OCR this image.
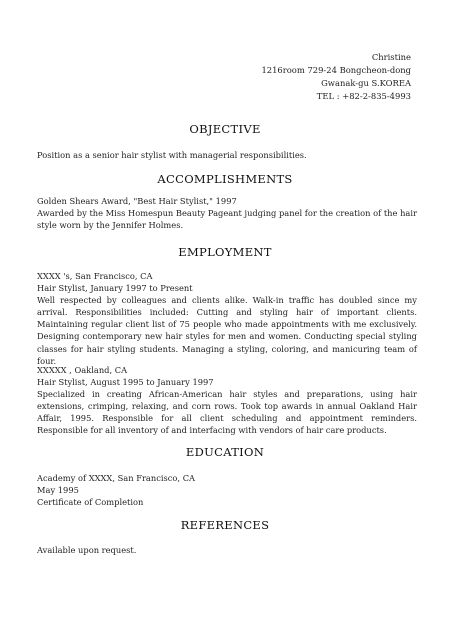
Christine
1216room 729-24 Bongcheon-dong
Gwanak-gu S.KOREA
TEL : +82-2-835-4993
OBJECTIVE
Position as a senior hair stylist with managerial responsibilities.
ACCOMPLISHMENTS
Golden Shears Award, "Best Hair Stylist," 1997
Awarded by the Miss Homespun Beauty Pageant judging panel for the creation of the hair style worn by the Jennifer Holmes.
EMPLOYMENT
XXXX 's, San Francisco, CA
Hair Stylist, January 1997 to Present
Well respected by colleagues and clients alike. Walk-in traffic has doubled since my arrival. Responsibilities included: Cutting and styling hair of important clients. Maintaining regular client list of 75 people who made appointments with me exclusively. Designing contemporary new hair styles for men and women. Conducting special styling classes for hair styling students. Managing a styling, coloring, and manicuring team of four.
XXXXX , Oakland, CA
Hair Stylist, August 1995 to January 1997
Specialized in creating African-American hair styles and preparations, using hair extensions, crimping, relaxing, and corn rows. Took top awards in annual Oakland Hair Affair, 1995. Responsible for all client scheduling and appointment reminders. Responsible for all inventory of and interfacing with vendors of hair care products.
EDUCATION
Academy of XXXX, San Francisco, CA
May 1995
Certificate of Completion
REFERENCES
Available upon request.
